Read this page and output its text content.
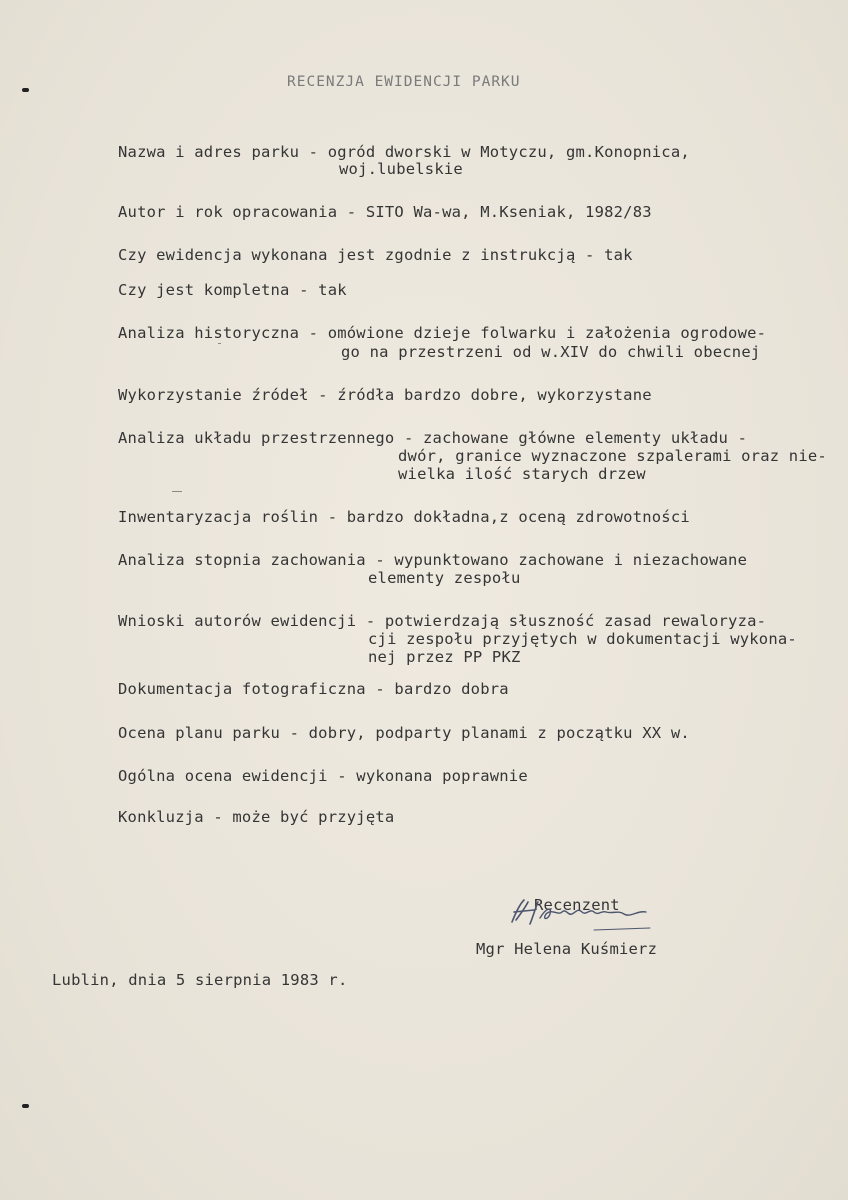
RECENZJA EWIDENCJI PARKU
Nazwa i adres parku - ogród dworski w Motyczu, gm.Konopnica,
woj.lubelskie
Autor i rok opracowania - SITO Wa-wa, M.Kseniak, 1982/83
Czy ewidencja wykonana jest zgodnie z instrukcją - tak
Czy jest kompletna - tak
Analiza historyczna - omówione dzieje folwarku i założenia ogrodowe-
go na przestrzeni od w.XIV do chwili obecnej
Wykorzystanie źródeł - źródła bardzo dobre, wykorzystane
Analiza układu przestrzennego - zachowane główne elementy układu -
dwór, granice wyznaczone szpalerami oraz nie-
wielka ilość starych drzew
Inwentaryzacja roślin - bardzo dokładna,z oceną zdrowotności
Analiza stopnia zachowania - wypunktowano zachowane i niezachowane
elementy zespołu
Wnioski autorów ewidencji - potwierdzają słuszność zasad rewaloryza-
cji zespołu przyjętych w dokumentacji wykona-
nej przez PP PKZ
Dokumentacja fotograficzna - bardzo dobra
Ocena planu parku - dobry, podparty planami z początku XX w.
Ogólna ocena ewidencji - wykonana poprawnie
Konkluzja - może być przyjęta
Recenzent
Mgr Helena Kuśmierz
Lublin, dnia 5 sierpnia 1983 r.
